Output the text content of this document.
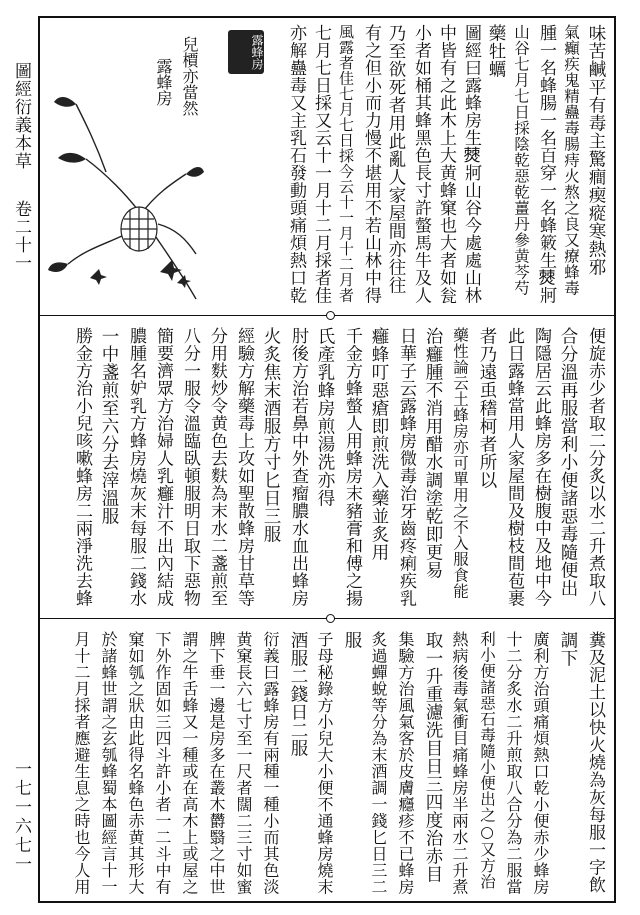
圖經衍義本草
卷二十一
一七一六七一
兒檟亦當然
露蜂房
露蜂房	味苦鹹平有毒主驚癎瘈瘲寒熱邪
氣癲疾鬼精蠱毒腸痔火熬之良又療蜂毒
腫一名蜂腸一名百穿一名蜂𥰡生𤏡牁
山谷七月七日採陰乾惡乾薑丹參黄芩芍
藥牡蠣
圖經曰露蜂房生𤏡牁山谷今處處山林
中皆有之此木上大黄蜂窠也大者如瓮
小者如桶其蜂黑色長寸許螫馬牛及人
乃至欲死者用此亂人家屋間亦往往
有之但小而力慢不堪用不若山林中得
風露者佳七月七日採今云十一月十二月者
七月七日採又云十一月十二月採者佳
亦解蠱毒又主乳石發動頭痛煩熱口乾
便旋赤少者取二分炙以水二升煮取八
合分溫再服當利小便諸惡毒隨便出
陶隱居云此蜂房多在樹腹中及地中今
此日露蜂當用人家屋間及樹枝間苞裹
者乃遠䖝𥡴柯者所以
藥性論云土蜂房亦可單用之不入服食能
治癰腫不消用醋水調塗乾即更易
日華子云露蜂房微毒治牙齒疼痢疾乳
癰蜂叮惡瘡即煎洗入藥並炙用
千金方蜂螫人用蜂房末豬膏和傅之揚
氏產乳蜂房煎湯洗亦得
肘後方治若鼻中外查瘤膿水血出蜂房
火炙焦末酒服方寸匕日三服
經驗方解藥毒上攻如聖散蜂房甘草等
分用麩炒令黄色去麩為末水二盞煎至
八分一服令溫臨臥頓服明日取下惡物
簡要濟眾方治婦人乳癰汁不出內結成
膿腫名妒乳方蜂房燒灰末每服二錢水
一中盞煎至六分去滓溫服
勝金方治小兒咳嗽蜂房二兩淨洗去蜂
糞及泥土以快火燒為灰每服一字飲
調下
廣利方治頭痛煩熱口乾小便赤少蜂房
十二分炙水二升煎取八合分為二服當
利小便諸惡石毒隨小便出之○又方治
熱病後毒氣衝目痛蜂房半兩水二升煮
取一升重濾洗目日三四度治赤目
集驗方治風氣客於皮膚癮疹不已蜂房
炙過蟬蛻等分為末酒調一錢匕日三二
服
子母秘錄方小兒大小便不通蜂房燒末
酒服二錢日二服
衍義曰露蜂房有兩種一種小而其色淡
黄窠長六七寸至一尺者闊二三寸如蜜
脾下垂一邊是房多在叢木欝翳之中世
謂之牛舌蜂又一種或在高木上或屋之
下外作固如三四斗許小者一二斗中有
窠如瓠之狀由此得名蜂色赤黄其形大
於諸蜂世謂之玄瓠蜂蜀本圖經言十一
月十二月採者應避生息之時也今人用
